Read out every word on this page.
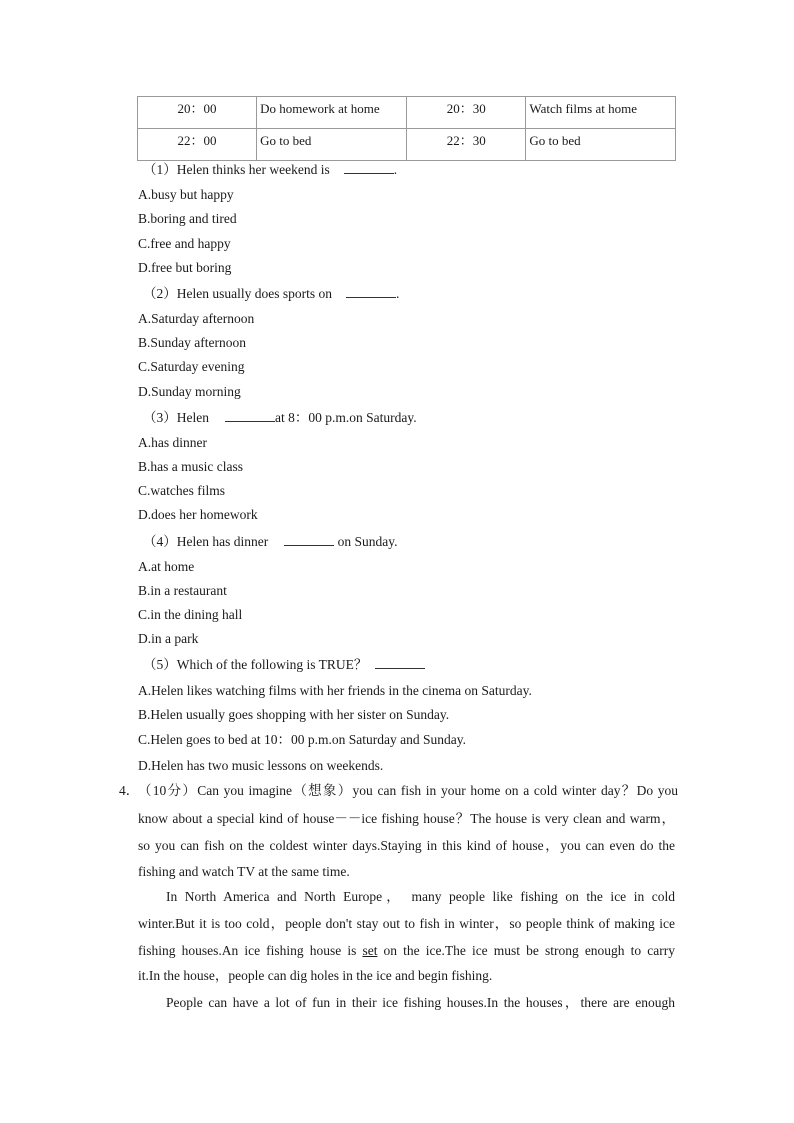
20：00	Do homework at home	20：30	Watch films at home
22：00	Go to bed	22：30	Go to bed
（1）Helen thinks her weekend is	.
A.busy but happy
B.boring and tired
C.free and happy
D.free but boring
（2）Helen usually does sports on	.
A.Saturday afternoon
B.Sunday afternoon
C.Saturday evening
D.Sunday morning
（3）Helen	at 8：00 p.m.on Saturday.
A.has dinner
B.has a music class
C.watches films
D.does her homework
（4）Helen has dinner	on Sunday.
A.at home
B.in a restaurant
C.in the dining hall
D.in a park
（5）Which of the following is TRUE？
A.Helen likes watching films with her friends in the cinema on Saturday.
B.Helen usually goes shopping with her sister on Sunday.
C.Helen goes to bed at 10：00 p.m.on Saturday and Sunday.
D.Helen has two music lessons on weekends.
4．
（10分）Can you imagine（想象）you can fish in your home on a cold winter day？Do you
know about a special kind of house－－ice fishing house？The house is very clean and warm，
so you can fish on the coldest winter days.Staying in this kind of house，you can even do the
fishing and watch TV at the same time.
In North America and North Europe， many people like fishing on the ice in cold
winter.But it is too cold，people don't stay out to fish in winter，so people think of making ice
fishing houses.An ice fishing house is set on the ice.The ice must be strong enough to carry
it.In the house，people can dig holes in the ice and begin fishing.
People can have a lot of fun in their ice fishing houses.In the houses，there are enough
